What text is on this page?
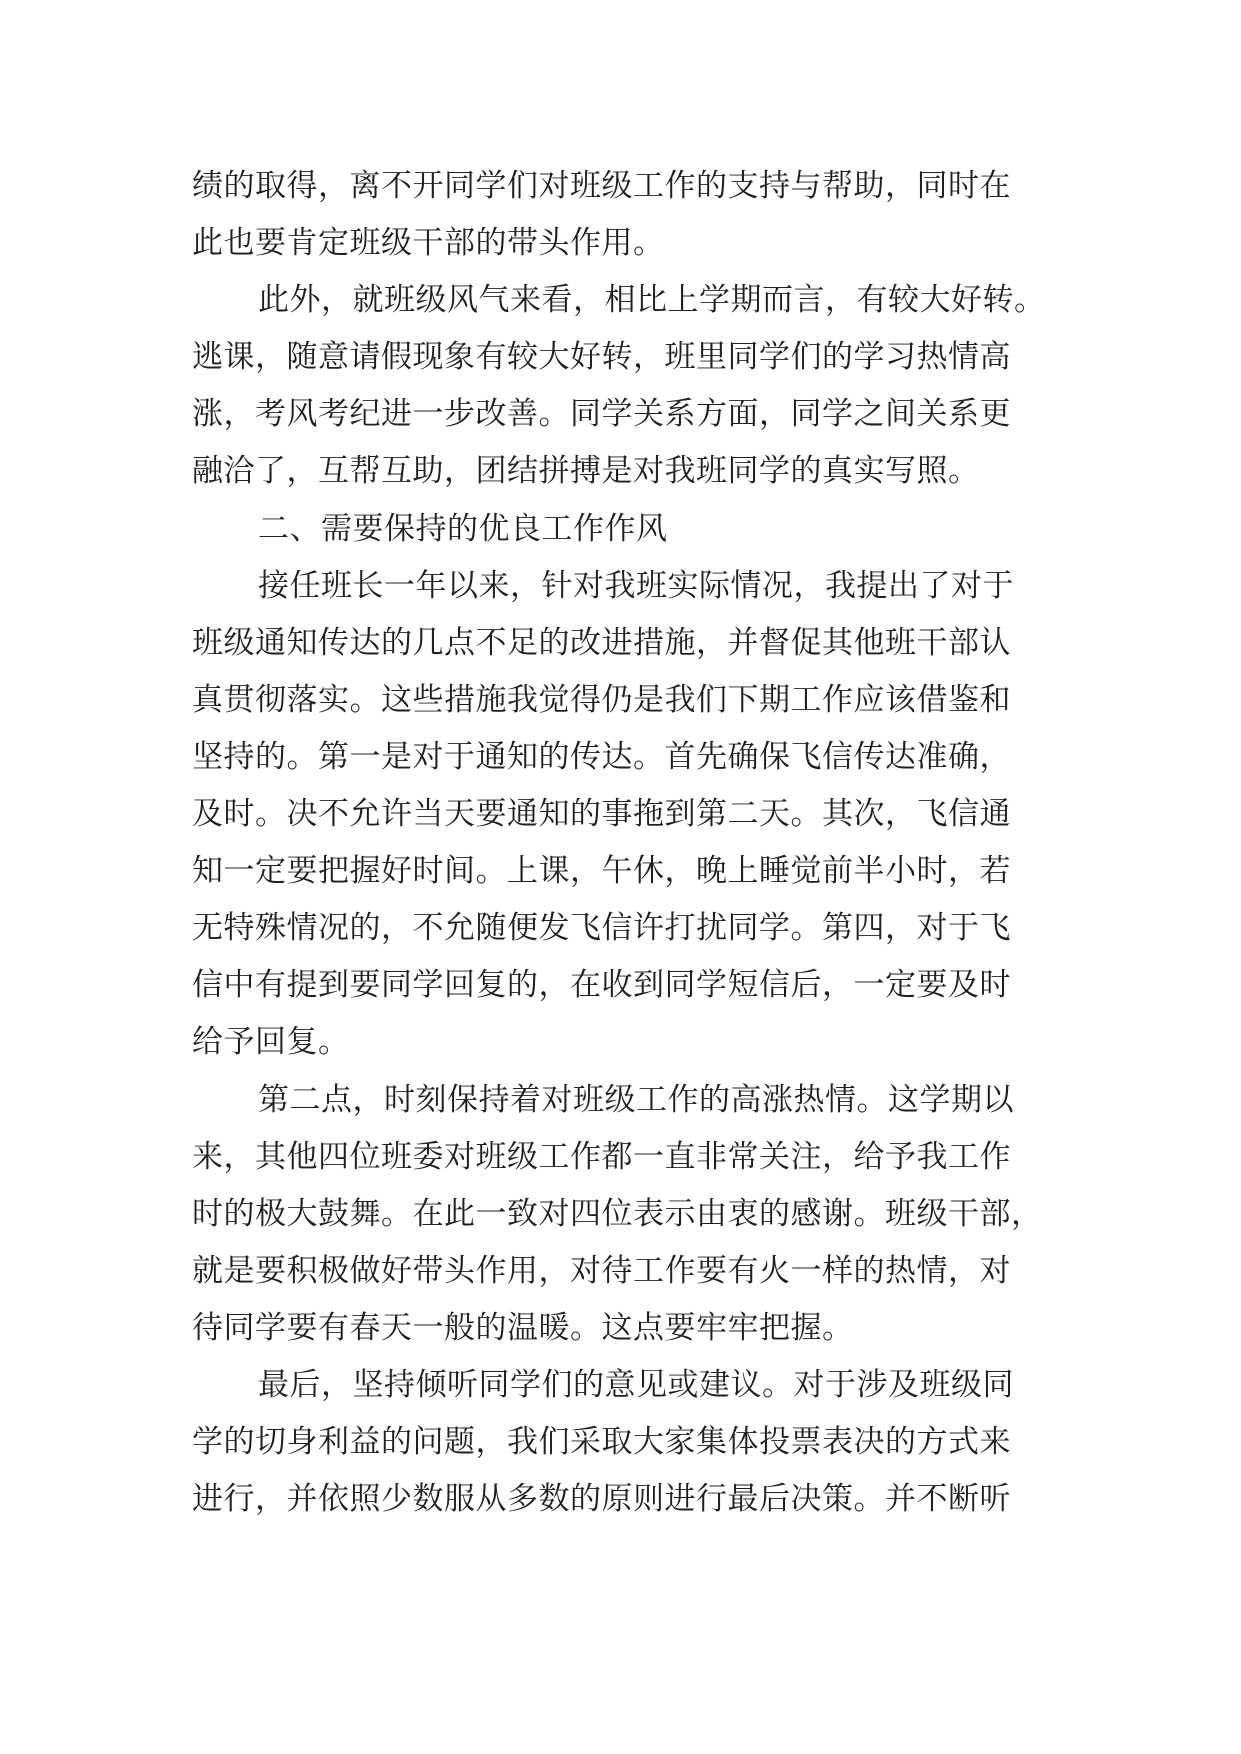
绩的取得，离不开同学们对班级工作的支持与帮助，同时在
此也要肯定班级干部的带头作用。
此外，就班级风气来看，相比上学期而言，有较大好转。
逃课，随意请假现象有较大好转，班里同学们的学习热情高
涨，考风考纪进一步改善。同学关系方面，同学之间关系更
融洽了，互帮互助，团结拼搏是对我班同学的真实写照。
二、需要保持的优良工作作风
接任班长一年以来，针对我班实际情况，我提出了对于
班级通知传达的几点不足的改进措施，并督促其他班干部认
真贯彻落实。这些措施我觉得仍是我们下期工作应该借鉴和
坚持的。第一是对于通知的传达。首先确保飞信传达准确，
及时。决不允许当天要通知的事拖到第二天。其次，飞信通
知一定要把握好时间。上课，午休，晚上睡觉前半小时，若
无特殊情况的，不允随便发飞信许打扰同学。第四，对于飞
信中有提到要同学回复的，在收到同学短信后，一定要及时
给予回复。
第二点，时刻保持着对班级工作的高涨热情。这学期以
来，其他四位班委对班级工作都一直非常关注，给予我工作
时的极大鼓舞。在此一致对四位表示由衷的感谢。班级干部，
就是要积极做好带头作用，对待工作要有火一样的热情，对
待同学要有春天一般的温暖。这点要牢牢把握。
最后，坚持倾听同学们的意见或建议。对于涉及班级同
学的切身利益的问题，我们采取大家集体投票表决的方式来
进行，并依照少数服从多数的原则进行最后决策。并不断听
